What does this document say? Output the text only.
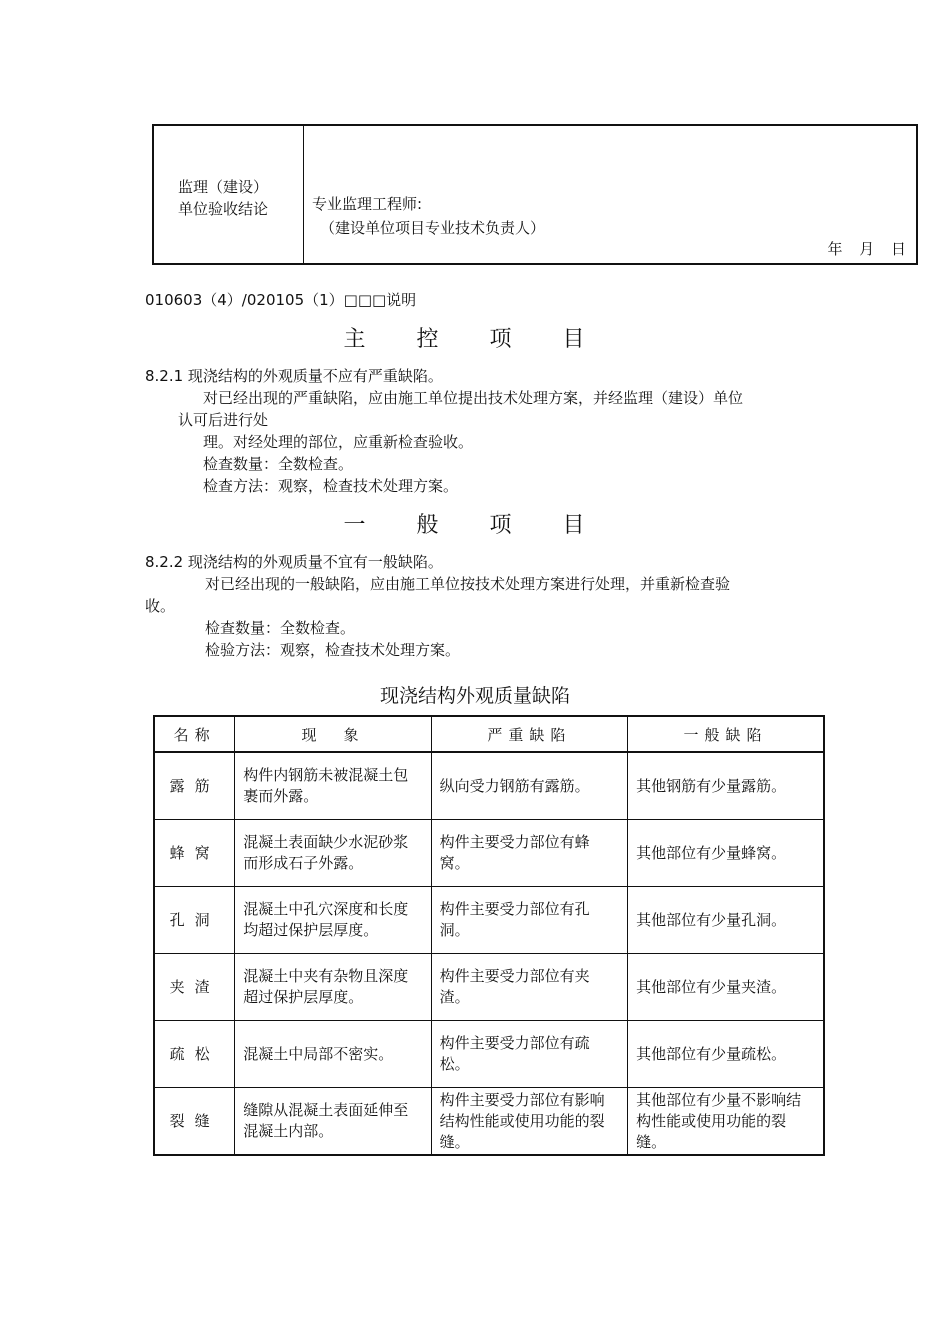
监理（建设）
单位验收结论	专业监理工程师:
（建设单位项目专业技术负责人）
年 月 日
010603（4）/020105（1）□□□说明
主 控 项 目
8.2.1 现浇结构的外观质量不应有严重缺陷。
对已经出现的严重缺陷，应由施工单位提出技术处理方案，并经监理（建设）单位
认可后进行处
理。对经处理的部位，应重新检查验收。
检查数量：全数检查。
检查方法：观察，检查技术处理方案。
一 般 项 目
8.2.2 现浇结构的外观质量不宜有一般缺陷。
对已经出现的一般缺陷，应由施工单位按技术处理方案进行处理，并重新检查验
收。
检查数量：全数检查。
检验方法：观察，检查技术处理方案。
现浇结构外观质量缺陷
名称	现　象	严重缺陷	一般缺陷
露筋	构件内钢筋未被混凝土包裹而外露。	纵向受力钢筋有露筋。	其他钢筋有少量露筋。
蜂窝	混凝土表面缺少水泥砂浆而形成石子外露。	构件主要受力部位有蜂窝。	其他部位有少量蜂窝。
孔洞	混凝土中孔穴深度和长度均超过保护层厚度。	构件主要受力部位有孔洞。	其他部位有少量孔洞。
夹渣	混凝土中夹有杂物且深度超过保护层厚度。	构件主要受力部位有夹渣。	其他部位有少量夹渣。
疏松	混凝土中局部不密实。	构件主要受力部位有疏松。	其他部位有少量疏松。
裂缝	缝隙从混凝土表面延伸至混凝土内部。	构件主要受力部位有影响结构性能或使用功能的裂缝。	其他部位有少量不影响结构性能或使用功能的裂缝。
